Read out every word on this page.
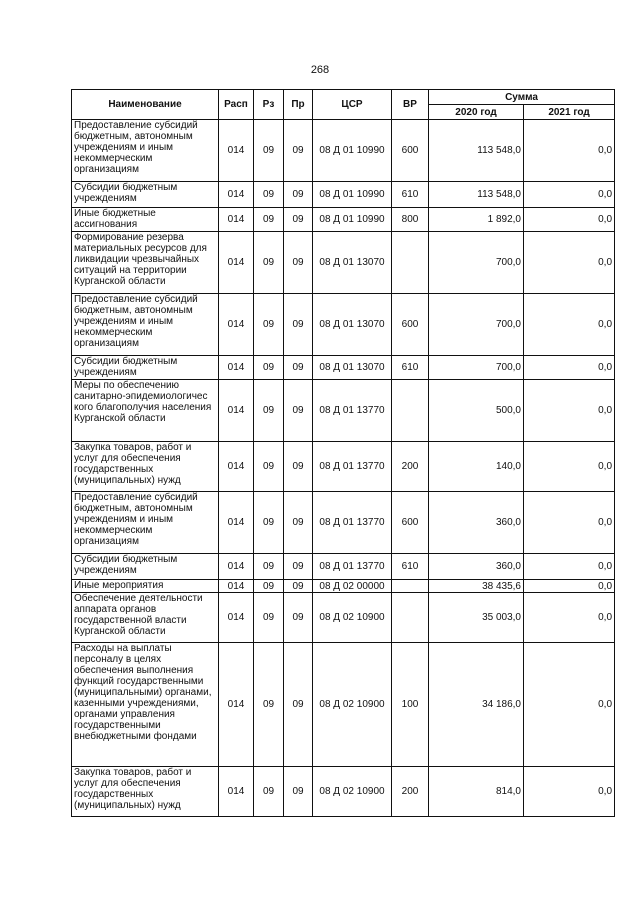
268
Наименование	Расп	Рз	Пр	ЦСР	ВР	Сумма	
						2020 год	2021 год
Предоставление субсидий бюджетным, автономным учреждениям и иным некоммерческим организациям	014	09	09	08 Д 01 10990	600	113 548,0	0,0
Субсидии бюджетным учреждениям	014	09	09	08 Д 01 10990	610	113 548,0	0,0
Иные бюджетные ассигнования	014	09	09	08 Д 01 10990	800	1 892,0	0,0
Формирование резерва материальных ресурсов для ликвидации чрезвычайных ситуаций на территории Курганской области	014	09	09	08 Д 01 13070		700,0	0,0
Предоставление субсидий бюджетным, автономным учреждениям и иным некоммерческим организациям	014	09	09	08 Д 01 13070	600	700,0	0,0
Субсидии бюджетным учреждениям	014	09	09	08 Д 01 13070	610	700,0	0,0
Меры по обеспечению санитарно-эпидемиологичес кого благополучия населения Курганской области	014	09	09	08 Д 01 13770		500,0	0,0
Закупка товаров, работ и услуг для обеспечения государственных (муниципальных) нужд	014	09	09	08 Д 01 13770	200	140,0	0,0
Предоставление субсидий бюджетным, автономным учреждениям и иным некоммерческим организациям	014	09	09	08 Д 01 13770	600	360,0	0,0
Субсидии бюджетным учреждениям	014	09	09	08 Д 01 13770	610	360,0	0,0
Иные мероприятия	014	09	09	08 Д 02 00000		38 435,6	0,0
Обеспечение деятельности аппарата органов государственной власти Курганской области	014	09	09	08 Д 02 10900		35 003,0	0,0
Расходы на выплаты персоналу в целях обеспечения выполнения функций государственными (муниципальными) органами, казенными учреждениями, органами управления государственными внебюджетными фондами	014	09	09	08 Д 02 10900	100	34 186,0	0,0
Закупка товаров, работ и услуг для обеспечения государственных (муниципальных) нужд	014	09	09	08 Д 02 10900	200	814,0	0,0
